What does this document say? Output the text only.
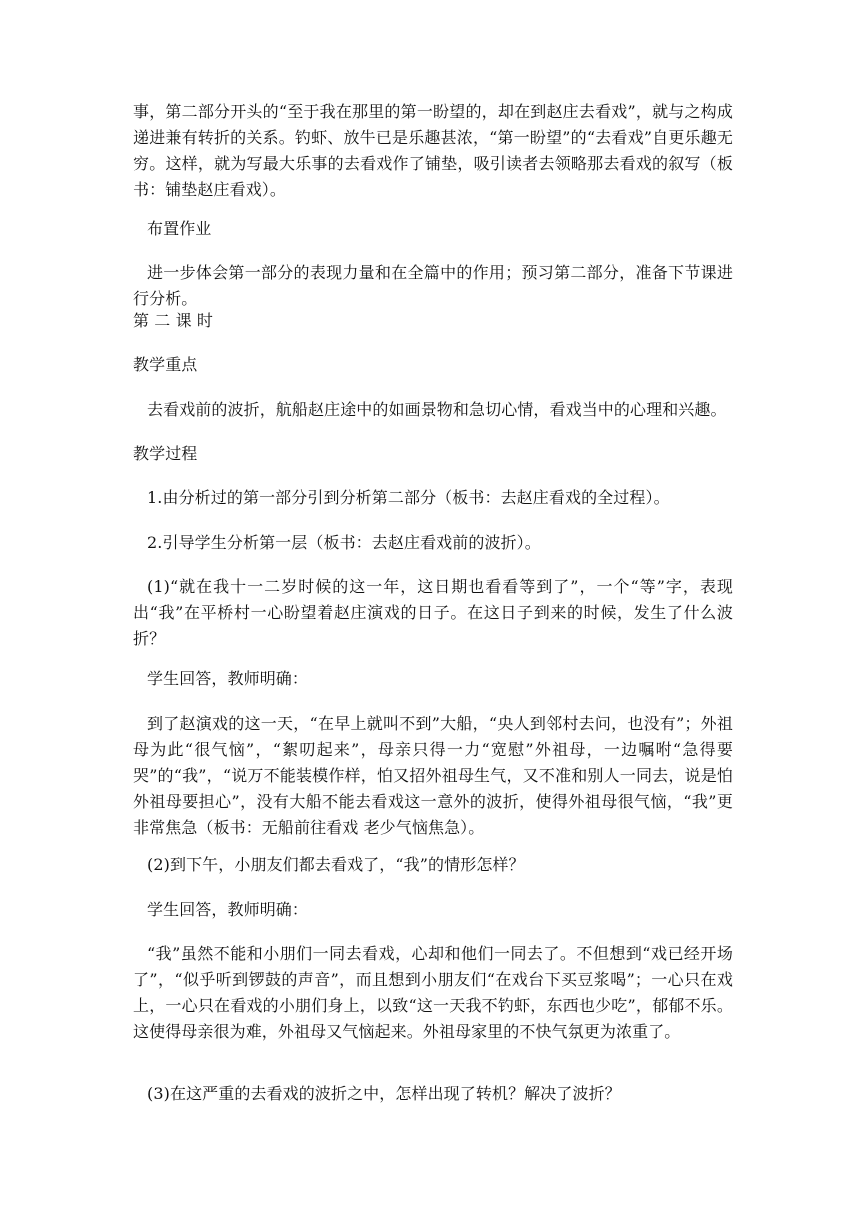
事，第二部分开头的“至于我在那里的第一盼望的，却在到赵庄去看戏”，就与之构成递进兼有转折的关系。钓虾、放牛已是乐趣甚浓，“第一盼望”的“去看戏”自更乐趣无穷。这样，就为写最大乐事的去看戏作了铺垫，吸引读者去领略那去看戏的叙写（板书：铺垫赵庄看戏）。

布置作业

进一步体会第一部分的表现力量和在全篇中的作用；预习第二部分，准备下节课进行分析。

第 二 课 时

教学重点

去看戏前的波折，航船赵庄途中的如画景物和急切心情，看戏当中的心理和兴趣。

教学过程

1.由分析过的第一部分引到分析第二部分（板书：去赵庄看戏的全过程）。

2.引导学生分析第一层（板书：去赵庄看戏前的波折）。

(1)“就在我十一二岁时候的这一年，这日期也看看等到了”，一个“等”字，表现出“我”在平桥村一心盼望着赵庄演戏的日子。在这日子到来的时候，发生了什么波折？

学生回答，教师明确：

到了赵演戏的这一天，“在早上就叫不到”大船，“央人到邻村去问，也没有”；外祖母为此“很气恼”，“絮叨起来”，母亲只得一力“宽慰”外祖母，一边嘱咐“急得要哭”的“我”，“说万不能装模作样，怕又招外祖母生气，又不准和别人一同去，说是怕外祖母要担心”，没有大船不能去看戏这一意外的波折，使得外祖母很气恼，“我”更非常焦急（板书：无船前往看戏 老少气恼焦急）。

(2)到下午，小朋友们都去看戏了，“我”的情形怎样？

学生回答，教师明确：

“我”虽然不能和小朋们一同去看戏，心却和他们一同去了。不但想到“戏已经开场了”，“似乎听到锣鼓的声音”，而且想到小朋友们“在戏台下买豆浆喝”；一心只在戏上，一心只在看戏的小朋们身上，以致“这一天我不钓虾，东西也少吃”，郁郁不乐。这使得母亲很为难，外祖母又气恼起来。外祖母家里的不快气氛更为浓重了。

(3)在这严重的去看戏的波折之中，怎样出现了转机？解决了波折？
